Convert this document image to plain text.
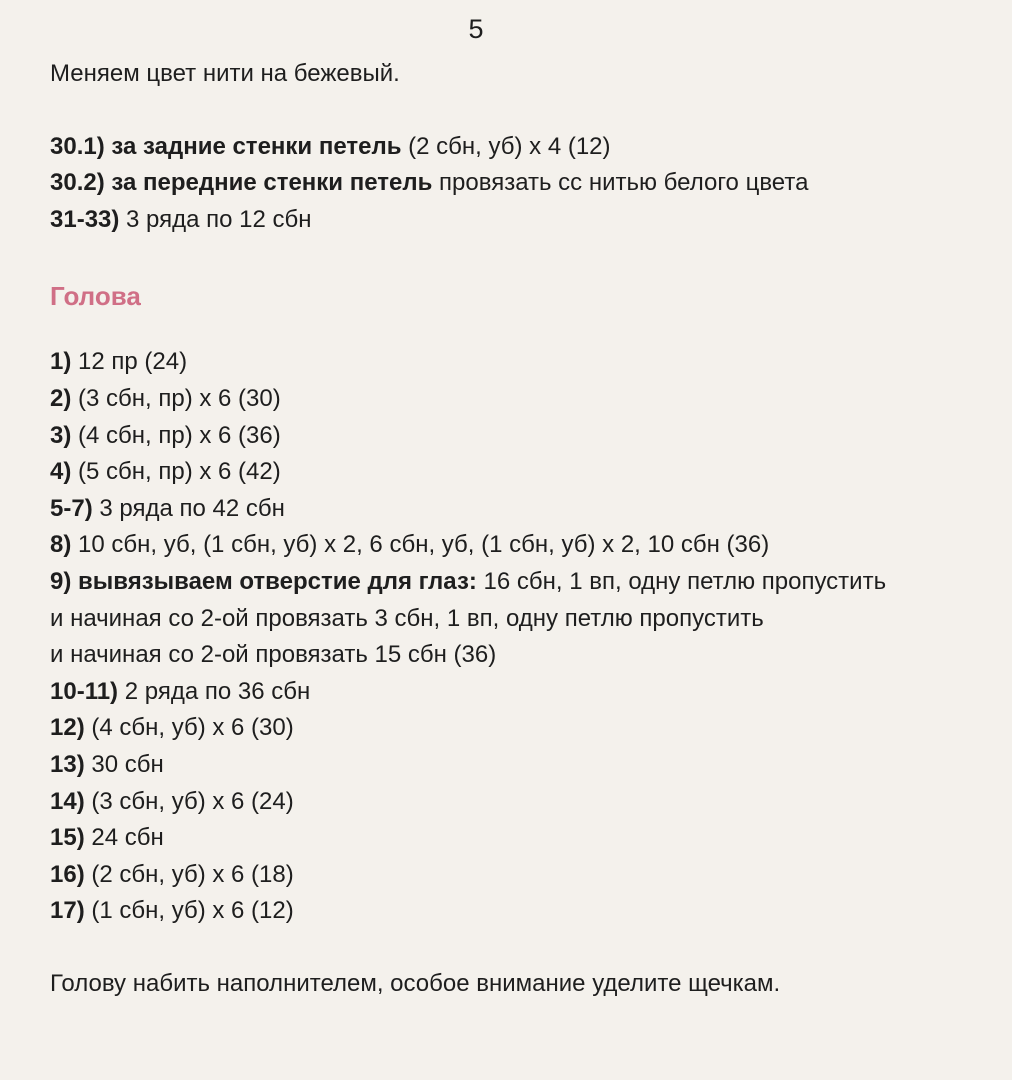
5
Меняем цвет нити на бежевый.
30.1) за задние стенки петель (2 сбн, уб) х 4 (12)
30.2) за передние стенки петель провязать сс нитью белого цвета
31-33) 3 ряда по 12 сбн
Голова
1) 12 пр (24)
2) (3 сбн, пр) х 6 (30)
3) (4 сбн, пр) х 6 (36)
4) (5 сбн, пр) х 6 (42)
5-7) 3 ряда по 42 сбн
8) 10 сбн, уб, (1 сбн, уб) х 2, 6 сбн, уб, (1 сбн, уб) х 2, 10 сбн (36)
9) вывязываем отверстие для глаз: 16 сбн, 1 вп, одну петлю пропустить
и начиная со 2-ой провязать 3 сбн, 1 вп, одну петлю пропустить
и начиная со 2-ой провязать 15 сбн (36)
10-11) 2 ряда по 36 сбн
12) (4 сбн, уб) х 6 (30)
13) 30 сбн
14) (3 сбн, уб) х 6 (24)
15) 24 сбн
16) (2 сбн, уб) х 6 (18)
17) (1 сбн, уб) х 6 (12)
Голову набить наполнителем, особое внимание уделите щечкам.
